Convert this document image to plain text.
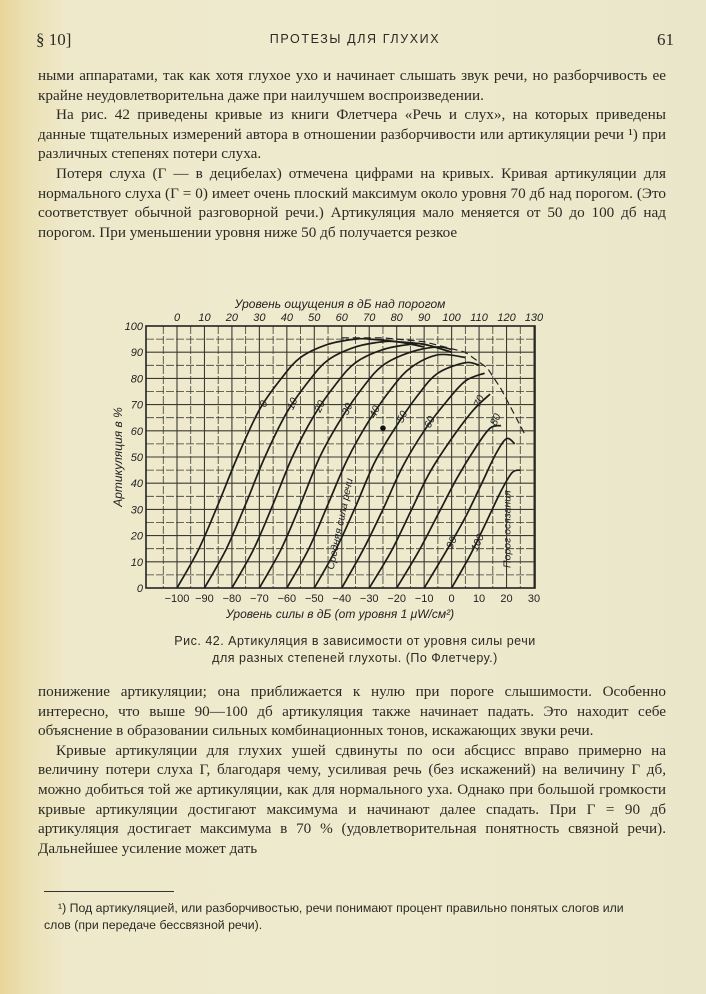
§ 10]	ПРОТЕЗЫ ДЛЯ ГЛУХИХ	61

ными аппаратами, так как хотя глухое ухо и начинает слышать звук речи, но разборчивость ее крайне неудовлетворительна даже при наилучшем воспроизведении.

На рис. 42 приведены кривые из книги Флетчера «Речь и слух», на которых приведены данные тщательных измерений автора в отношении разборчивости или артикуляции речи ¹) при различных степенях потери слуха.

Потеря слуха (Г — в децибелах) отмечена цифрами на кривых. Кривая артикуляции для нормального слуха (Г = 0) имеет очень плоский максимум около уровня 70 дб над порогом. (Это соответствует обычной разговорной речи.) Артикуляция мало меняется от 50 до 100 дб над порогом. При уменьшении уровня ниже 50 дб получается резкое

0
10
20
30
40
50
60
70
80
90
100
−100 −90 −80 −70 −60 −50 −40 −30 −20 −10 0 10 20 30
0 10 20 30 40 50 60 70 80 90 100 110 120 130
Уровень ощущения в дБ над порогом
Уровень силы в дБ (от уровня 1 μW/см²)
Артикуляция в %
0 10 20 30 40 50 60
70
80
90 100
Средняя сила речи	Порог осязания
Рис. 42. Артикуляция в зависимости от уровня силы речи
для разных степеней глухоты. (По Флетчеру.)

понижение артикуляции; она приближается к нулю при пороге слышимости. Особенно интересно, что выше 90—100 дб артикуляция также начинает падать. Это находит себе объяснение в образовании сильных комбинационных тонов, искажающих звуки речи.

Кривые артикуляции для глухих ушей сдвинуты по оси абсцисс вправо примерно на величину потери слуха Г, благодаря чему, усиливая речь (без искажений) на величину Г дб, можно добиться той же артикуляции, как для нормального уха. Однако при большой громкости кривые артикуляции достигают максимума и начинают далее спадать. При Г = 90 дб артикуляция достигает максимума в 70 % (удовлетворительная понятность связной речи). Дальнейшее усиление может дать

¹) Под артикуляцией, или разборчивостью, речи понимают процент правильно понятых слогов или слов (при передаче бессвязной речи).
